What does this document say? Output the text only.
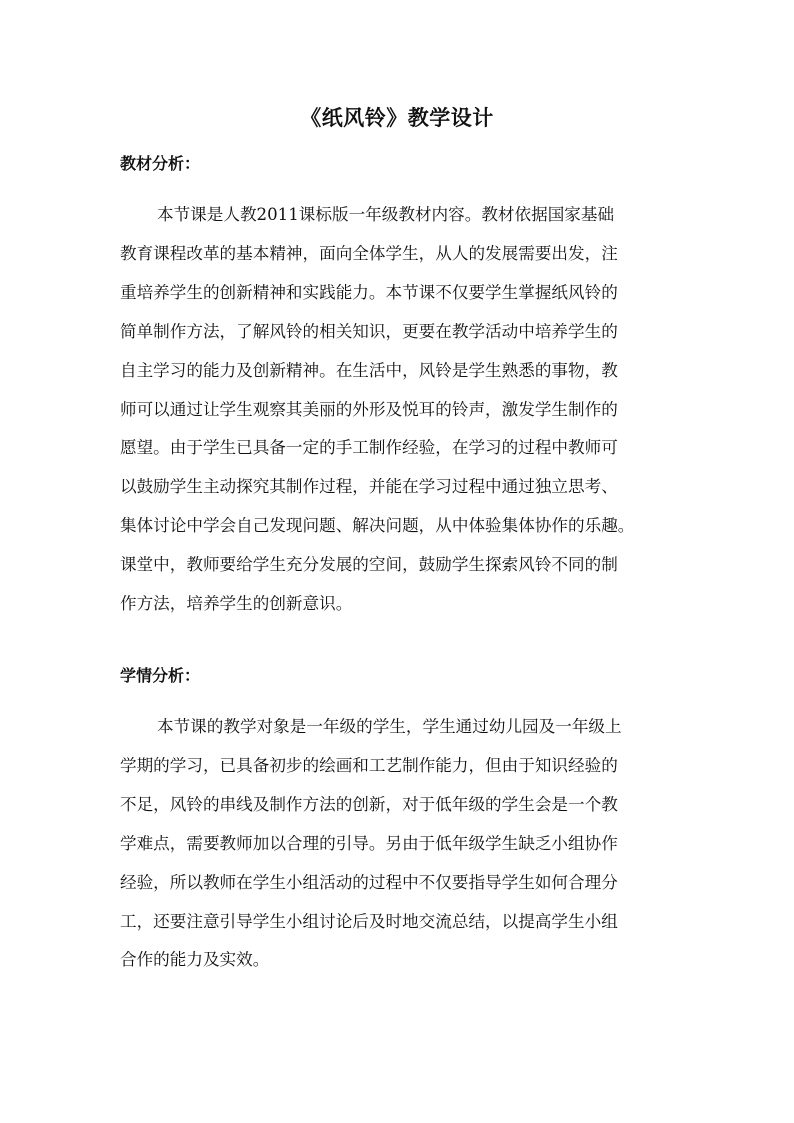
《纸风铃》教学设计
教材分析：
本节课是人教2011课标版一年级教材内容。教材依据国家基础
教育课程改革的基本精神，面向全体学生，从人的发展需要出发，注
重培养学生的创新精神和实践能力。本节课不仅要学生掌握纸风铃的
简单制作方法，了解风铃的相关知识，更要在教学活动中培养学生的
自主学习的能力及创新精神。在生活中，风铃是学生熟悉的事物，教
师可以通过让学生观察其美丽的外形及悦耳的铃声，激发学生制作的
愿望。由于学生已具备一定的手工制作经验，在学习的过程中教师可
以鼓励学生主动探究其制作过程，并能在学习过程中通过独立思考、
集体讨论中学会自己发现问题、解决问题，从中体验集体协作的乐趣。
课堂中，教师要给学生充分发展的空间，鼓励学生探索风铃不同的制
作方法，培养学生的创新意识。
学情分析：
本节课的教学对象是一年级的学生，学生通过幼儿园及一年级上
学期的学习，已具备初步的绘画和工艺制作能力，但由于知识经验的
不足，风铃的串线及制作方法的创新，对于低年级的学生会是一个教
学难点，需要教师加以合理的引导。另由于低年级学生缺乏小组协作
经验，所以教师在学生小组活动的过程中不仅要指导学生如何合理分
工，还要注意引导学生小组讨论后及时地交流总结，以提高学生小组
合作的能力及实效。
